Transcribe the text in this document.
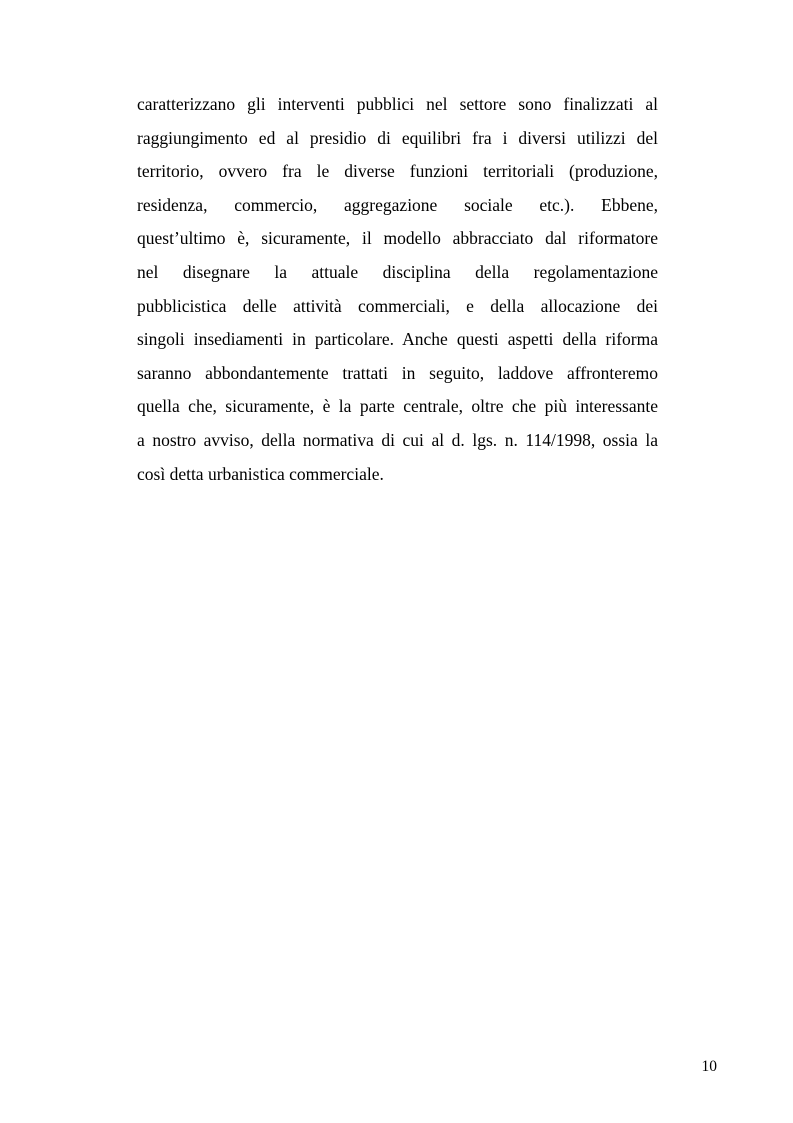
caratterizzano gli interventi pubblici nel settore sono finalizzati al
raggiungimento ed al presidio di equilibri fra i diversi utilizzi del
territorio, ovvero fra le diverse funzioni territoriali (produzione,
residenza, commercio, aggregazione sociale etc.). Ebbene,
quest’ultimo è, sicuramente, il modello abbracciato dal riformatore
nel disegnare la attuale disciplina della regolamentazione
pubblicistica delle attività commerciali, e della allocazione dei
singoli insediamenti in particolare. Anche questi aspetti della riforma
saranno abbondantemente trattati in seguito, laddove affronteremo
quella che, sicuramente, è la parte centrale, oltre che più interessante
a nostro avviso, della normativa di cui al d. lgs. n. 114/1998, ossia la
così detta urbanistica commerciale.
10
